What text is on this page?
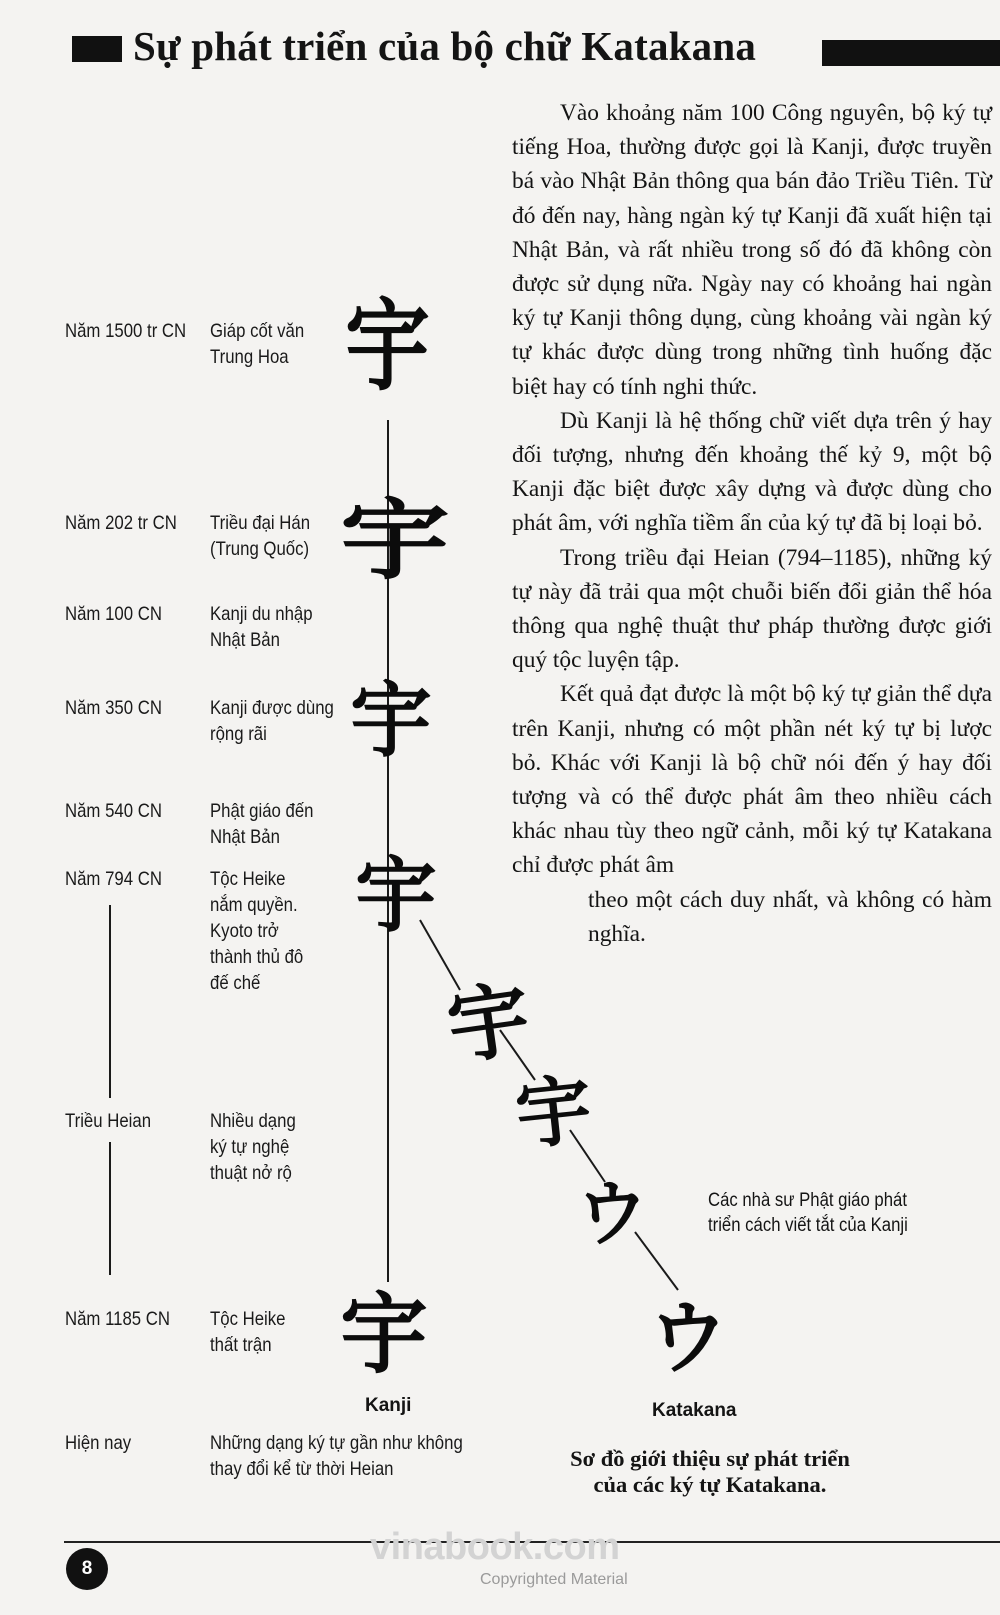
Sự phát triển của bộ chữ Katakana

Vào khoảng năm 100 Công nguyên, bộ ký tự tiếng Hoa, thường được gọi là Kanji, được truyền bá vào Nhật Bản thông qua bán đảo Triều Tiên. Từ đó đến nay, hàng ngàn ký tự Kanji đã xuất hiện tại Nhật Bản, và rất nhiều trong số đó đã không còn được sử dụng nữa. Ngày nay có khoảng hai ngàn ký tự Kanji thông dụng, cùng khoảng vài ngàn ký tự khác được dùng trong những tình huống đặc biệt hay có tính nghi thức.

Dù Kanji là hệ thống chữ viết dựa trên ý hay đối tượng, nhưng đến khoảng thế kỷ 9, một bộ Kanji đặc biệt được xây dựng và được dùng cho phát âm, với nghĩa tiềm ẩn của ký tự đã bị loại bỏ.

Trong triều đại Heian (794–1185), những ký tự này đã trải qua một chuỗi biến đổi giản thể hóa thông qua nghệ thuật thư pháp thường được giới quý tộc luyện tập.

Kết quả đạt được là một bộ ký tự giản thể dựa trên Kanji, nhưng có một phần nét ký tự bị lược bỏ. Khác với Kanji là bộ chữ nói đến ý hay đối tượng và có thể được phát âm theo nhiều cách khác nhau tùy theo ngữ cảnh, mỗi ký tự Katakana chỉ được phát âm

theo một cách duy nhất, và không có hàm nghĩa.

Năm 1500 tr CN
Năm 202 tr CN
Năm 100 CN
Năm 350 CN
Năm 540 CN
Năm 794 CN
Triều Heian
Năm 1185 CN
Hiện nay
Giáp cốt văn Trung Hoa
Triều đại Hán (Trung Quốc)
Kanji du nhập Nhật Bản
Kanji được dùng rộng rãi
Phật giáo đến Nhật Bản
Tộc Heike nắm quyền. Kyoto trở thành thủ đô đế chế
Nhiều dạng ký tự nghệ thuật nở rộ
Tộc Heike thất trận
Những dạng ký tự gần như không thay đổi kể từ thời Heian
宇
宇
宇
宇
宇
宇
ウ
宇	ウ
Kanji	Katakana
Các nhà sư Phật giáo phát triển cách viết tắt của Kanji
Sơ đồ giới thiệu sự phát triển
của các ký tự Katakana.
vinabook.com
8
Copyrighted Material
